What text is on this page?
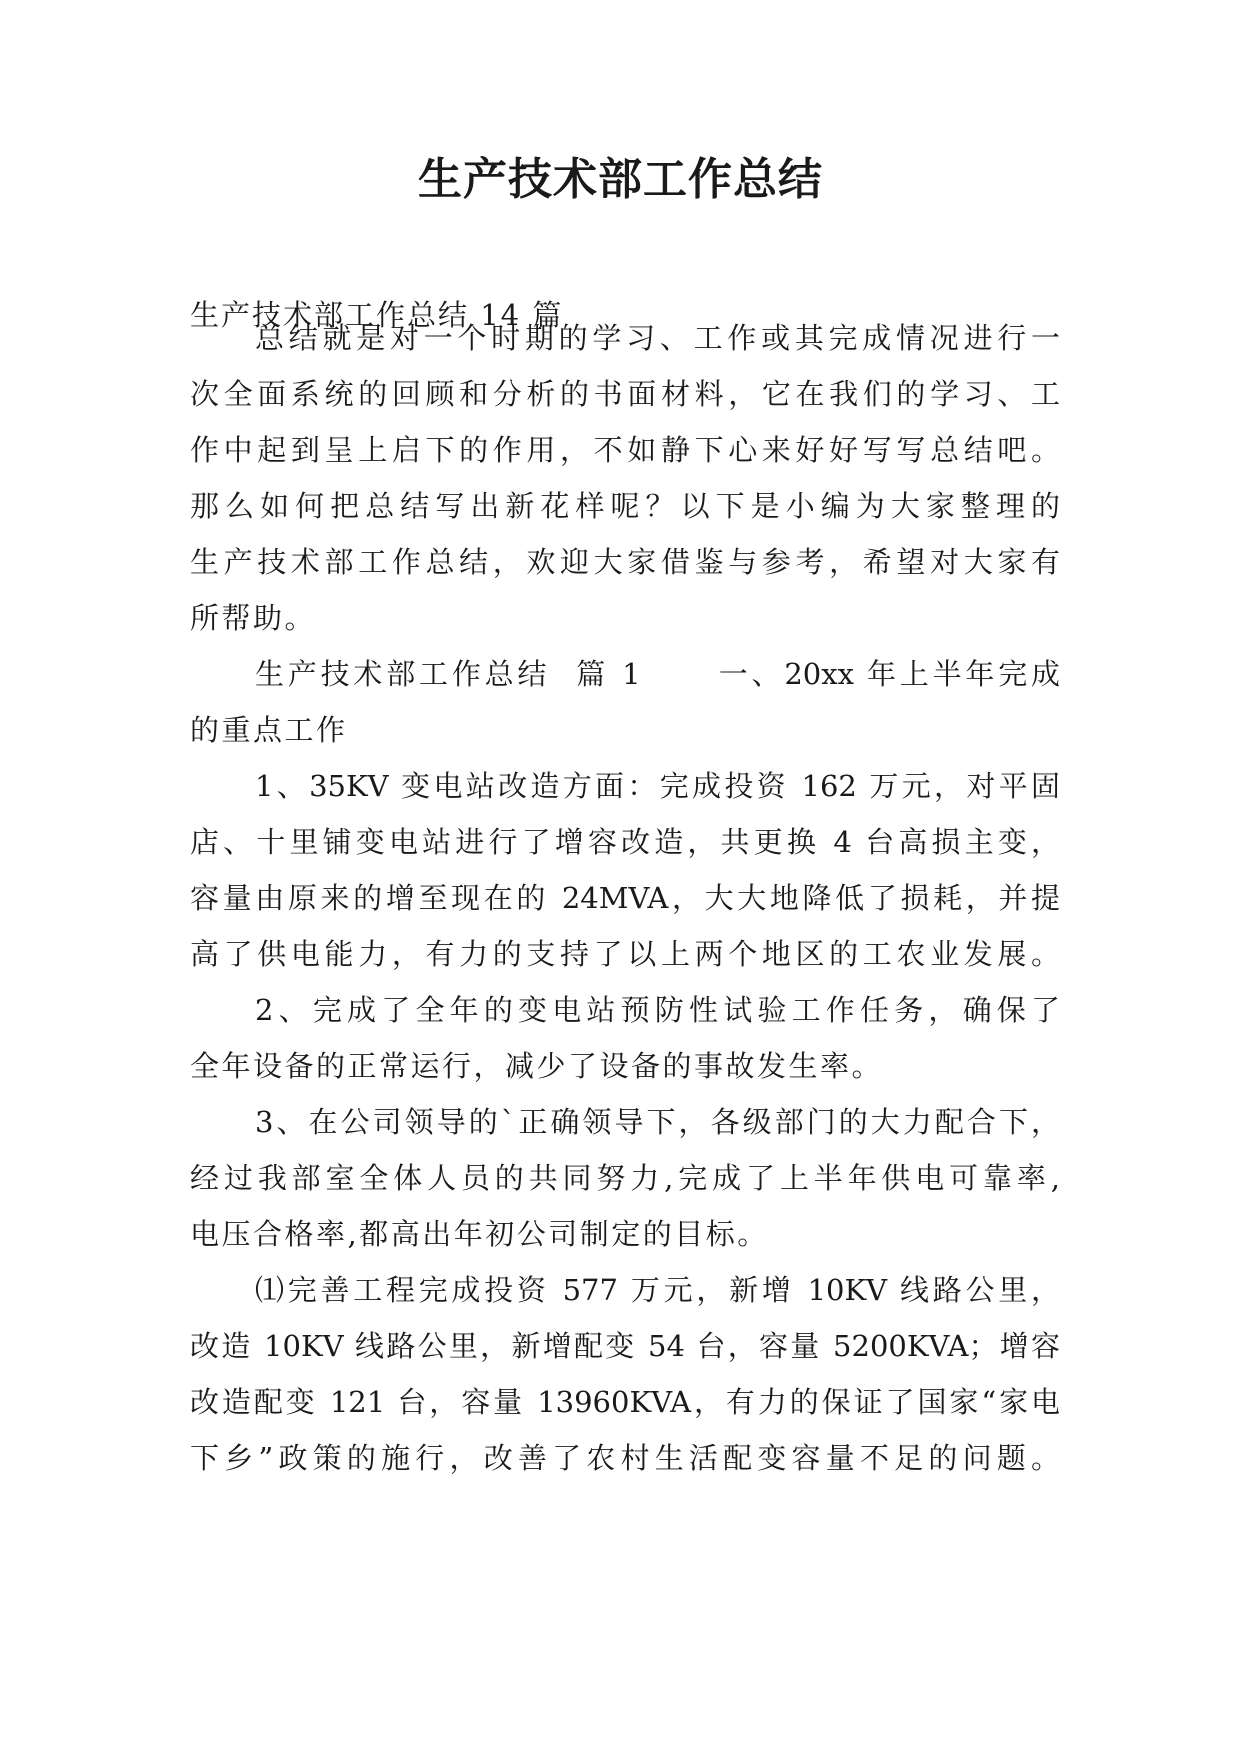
生产技术部工作总结
生产技术部工作总结 14 篇
总结就是对一个时期的学习、工作或其完成情况进行一
次全面系统的回顾和分析的书面材料，它在我们的学习、工
作中起到呈上启下的作用，不如静下心来好好写写总结吧。
那么如何把总结写出新花样呢？以下是小编为大家整理的
生产技术部工作总结，欢迎大家借鉴与参考，希望对大家有
所帮助。
生产技术部工作总结  篇 1      一、20xx 年上半年完成
的重点工作
1、35KV 变电站改造方面：完成投资 162 万元，对平固
店、十里铺变电站进行了增容改造，共更换 4 台高损主变，
容量由原来的增至现在的 24MVA，大大地降低了损耗，并提
高了供电能力，有力的支持了以上两个地区的工农业发展。
2、完成了全年的变电站预防性试验工作任务，确保了
全年设备的正常运行，减少了设备的事故发生率。
3、在公司领导的`正确领导下，各级部门的大力配合下，
经过我部室全体人员的共同努力,完成了上半年供电可靠率,
电压合格率,都高出年初公司制定的目标。
⑴完善工程完成投资 577 万元，新增 10KV 线路公里，
改造 10KV 线路公里，新增配变 54 台，容量 5200KVA；增容
改造配变 121 台，容量 13960KVA，有力的保证了国家“家电
下乡”政策的施行，改善了农村生活配变容量不足的问题。
